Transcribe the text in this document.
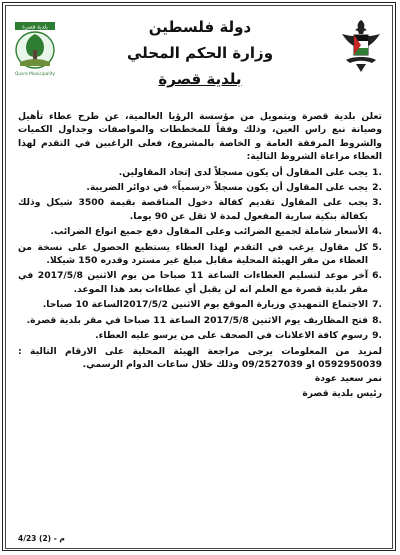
بلدية قصرة
Qusra Municipality
دولة فلسطين
وزارة الحكم المحلي
بلدية قصرة

تعلن بلدية قصرة وبتمويل من مؤسسة الرؤيا العالمية، عن طرح عطاء تأهيل وصيانة نبع راس العين، وذلك وفقاً للمخططات والمواصفات وجداول الكميات والشروط المرفقة العامة و الخاصة بالمشروع، فعلى الراغبين في التقدم لهذا العطاء مراعاة الشروط التالية:

.1
يجب على المقاول أن يكون مسجلاً لدى إتحاد المقاولين.
.2
يجب على المقاول أن يكون مسجلاً «رسمياً» في دوائر الضريبة.
.3
يجب على المقاول تقديم كفالة دخول المناقصة بقيمة 3500 شيكل وذلك بكفالة بنكية سارية المفعول لمدة لا تقل عن 90 يوما.
.4
الأسعار شاملة لجميع الضرائب وعلى المقاول دفع جميع انواع الضرائب.
.5
كل مقاول يرغب في التقدم لهذا العطاء يستطيع الحصول على نسخة من العطاء من مقر الهيئة المحلية مقابل مبلغ غير مسترد وقدره 150 شيكلا.
.6
آخر موعد لتسليم العطاءات الساعة 11 صباحا من يوم الاثنين 2017/5/8 في مقر بلدية قصرة مع العلم انه لن يقبل أي عطاءات بعد هذا الموعد.
.7
الاجتماع التمهيدي وزيارة الموقع يوم الاثنين 2017/5/2الساعة 10 صباحا.
.8
فتح المظاريف يوم الاثنين 2017/5/8 الساعة 11 صباحا في مقر بلدية قصرة.
.9
رسوم كافة الاعلانات في الصحف على من يرسو عليه العطاء.

لمزيد من المعلومات يرجى مراجعة الهيئة المحلية على الارقام التالية : 0592950039 او 09/2527039 وذلك خلال ساعات الدوام الرسمي.

نمر سعيد عودة
رئيس بلدية قصرة
م - (2) 4/23
